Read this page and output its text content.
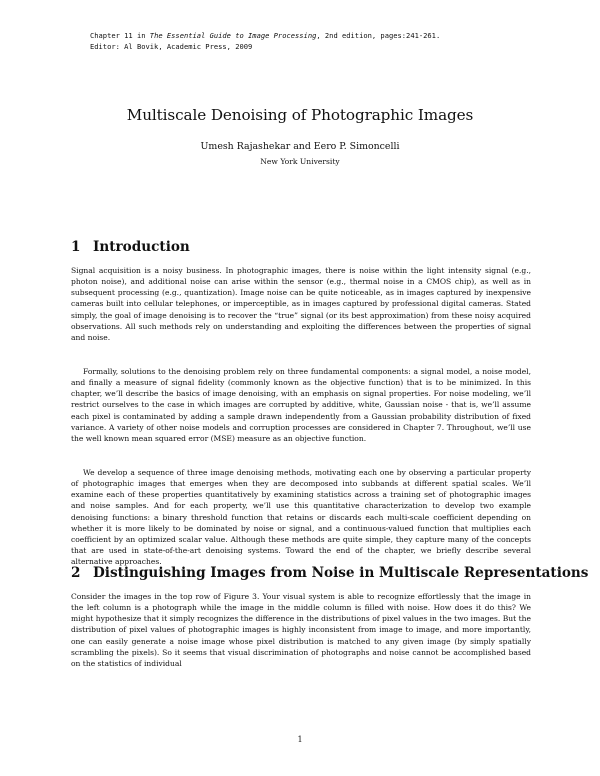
Chapter 11 in The Essential Guide to Image Processing, 2nd edition, pages:241-261.
Editor: Al Bovik, Academic Press, 2009
Multiscale Denoising of Photographic Images
Umesh Rajashekar and Eero P. Simoncelli
New York University
1 Introduction

Signal acquisition is a noisy business. In photographic images, there is noise within the light intensity signal (e.g., photon noise), and additional noise can arise within the sensor (e.g., thermal noise in a CMOS chip), as well as in subsequent processing (e.g., quantization). Image noise can be quite noticeable, as in images captured by inexpensive cameras built into cellular telephones, or imperceptible, as in images captured by professional digital cameras. Stated simply, the goal of image denoising is to recover the “true” signal (or its best approximation) from these noisy acquired observations. All such methods rely on understanding and exploiting the differences between the properties of signal and noise.

Formally, solutions to the denoising problem rely on three fundamental components: a signal model, a noise model, and finally a measure of signal fidelity (commonly known as the objective function) that is to be minimized. In this chapter, we’ll describe the basics of image denoising, with an emphasis on signal properties. For noise modeling, we’ll restrict ourselves to the case in which images are corrupted by additive, white, Gaussian noise - that is, we’ll assume each pixel is contaminated by adding a sample drawn independently from a Gaussian probability distribution of fixed variance. A variety of other noise models and corruption processes are considered in Chapter 7. Throughout, we’ll use the well known mean squared error (MSE) measure as an objective function.

We develop a sequence of three image denoising methods, motivating each one by observing a particular property of photographic images that emerges when they are decomposed into subbands at different spatial scales. We’ll examine each of these properties quantitatively by examining statistics across a training set of photographic images and noise samples. And for each property, we’ll use this quantitative characterization to develop two example denoising functions: a binary threshold function that retains or discards each multi-scale coefficient depending on whether it is more likely to be dominated by noise or signal, and a continuous-valued function that multiplies each coefficient by an optimized scalar value. Although these methods are quite simple, they capture many of the concepts that are used in state-of-the-art denoising systems. Toward the end of the chapter, we briefly describe several alternative approaches.

2 Distinguishing Images from Noise in Multiscale Representations

Consider the images in the top row of Figure 3. Your visual system is able to recognize effortlessly that the image in the left column is a photograph while the image in the middle column is filled with noise. How does it do this? We might hypothesize that it simply recognizes the difference in the distributions of pixel values in the two images. But the distribution of pixel values of photographic images is highly inconsistent from image to image, and more importantly, one can easily generate a noise image whose pixel distribution is matched to any given image (by simply spatially scrambling the pixels). So it seems that visual discrimination of photographs and noise cannot be accomplished based on the statistics of individual

1
